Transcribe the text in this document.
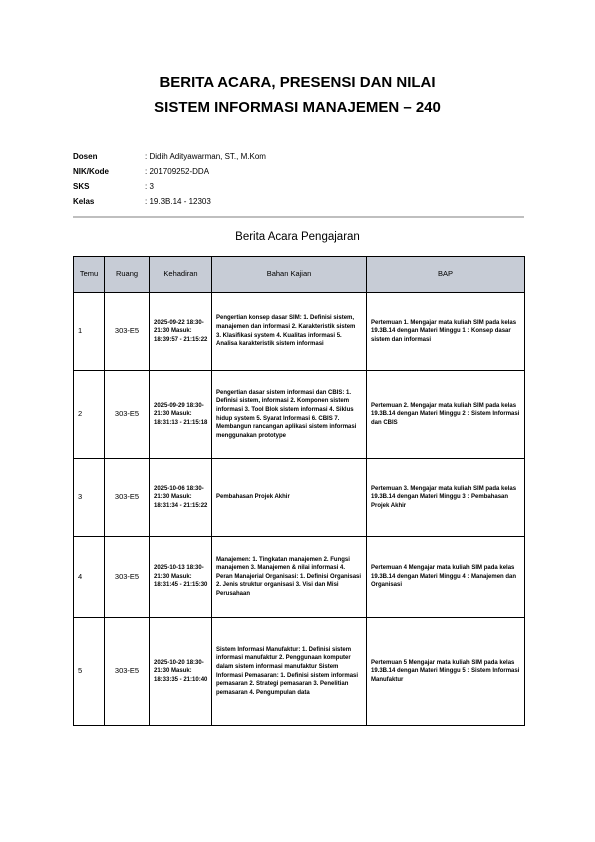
BERITA ACARA, PRESENSI DAN NILAI
SISTEM INFORMASI MANAJEMEN – 240
Dosen	: Didih Adityawarman, ST., M.Kom
NIK/Kode	: 201709252-DDA
SKS	: 3
Kelas	: 19.3B.14 - 12303
Berita Acara Pengajaran
Temu	Ruang	Kehadiran	Bahan Kajian	BAP
1	303-E5	2025-09-22 18:30-21:30 Masuk: 18:39:57 - 21:15:22	Pengertian konsep dasar SIM: 1. Definisi sistem, manajemen dan informasi 2. Karakteristik sistem 3. Klasifikasi system 4. Kualitas informasi 5. Analisa karakteristik sistem informasi	Pertemuan 1. Mengajar mata kuliah SIM pada kelas 19.3B.14 dengan Materi Minggu 1 : Konsep dasar sistem dan informasi
2	303-E5	2025-09-29 18:30-21:30 Masuk: 18:31:13 - 21:15:18	Pengertian dasar sistem informasi dan CBIS: 1. Definisi sistem, informasi 2. Komponen sistem informasi 3. Tool Blok sistem informasi 4. Siklus hidup system 5. Syarat Informasi 6. CBIS 7. Membangun rancangan aplikasi sistem informasi menggunakan prototype	Pertemuan 2. Mengajar mata kuliah SIM pada kelas 19.3B.14 dengan Materi Minggu 2 : Sistem Informasi dan CBIS
3	303-E5	2025-10-06 18:30-21:30 Masuk: 18:31:34 - 21:15:22	Pembahasan Projek Akhir	Pertemuan 3. Mengajar mata kuliah SIM pada kelas 19.3B.14 dengan Materi Minggu 3 : Pembahasan Projek Akhir
4	303-E5	2025-10-13 18:30-21:30 Masuk: 18:31:45 - 21:15:30	Manajemen: 1. Tingkatan manajemen 2. Fungsi manajemen 3. Manajemen & nilai informasi 4. Peran Manajerial Organisasi: 1. Definisi Organisasi 2. Jenis struktur organisasi 3. Visi dan Misi Perusahaan	Pertemuan 4 Mengajar mata kuliah SIM pada kelas 19.3B.14 dengan Materi Minggu 4 : Manajemen dan Organisasi
5	303-E5	2025-10-20 18:30-21:30 Masuk: 18:33:35 - 21:10:40	Sistem Informasi Manufaktur: 1. Definisi sistem informasi manufaktur 2. Penggunaan komputer dalam sistem informasi manufaktur Sistem Informasi Pemasaran: 1. Definisi sistem informasi pemasaran 2. Strategi pemasaran 3. Penelitian pemasaran 4. Pengumpulan data	Pertemuan 5 Mengajar mata kuliah SIM pada kelas 19.3B.14 dengan Materi Minggu 5 : Sistem Informasi Manufaktur
